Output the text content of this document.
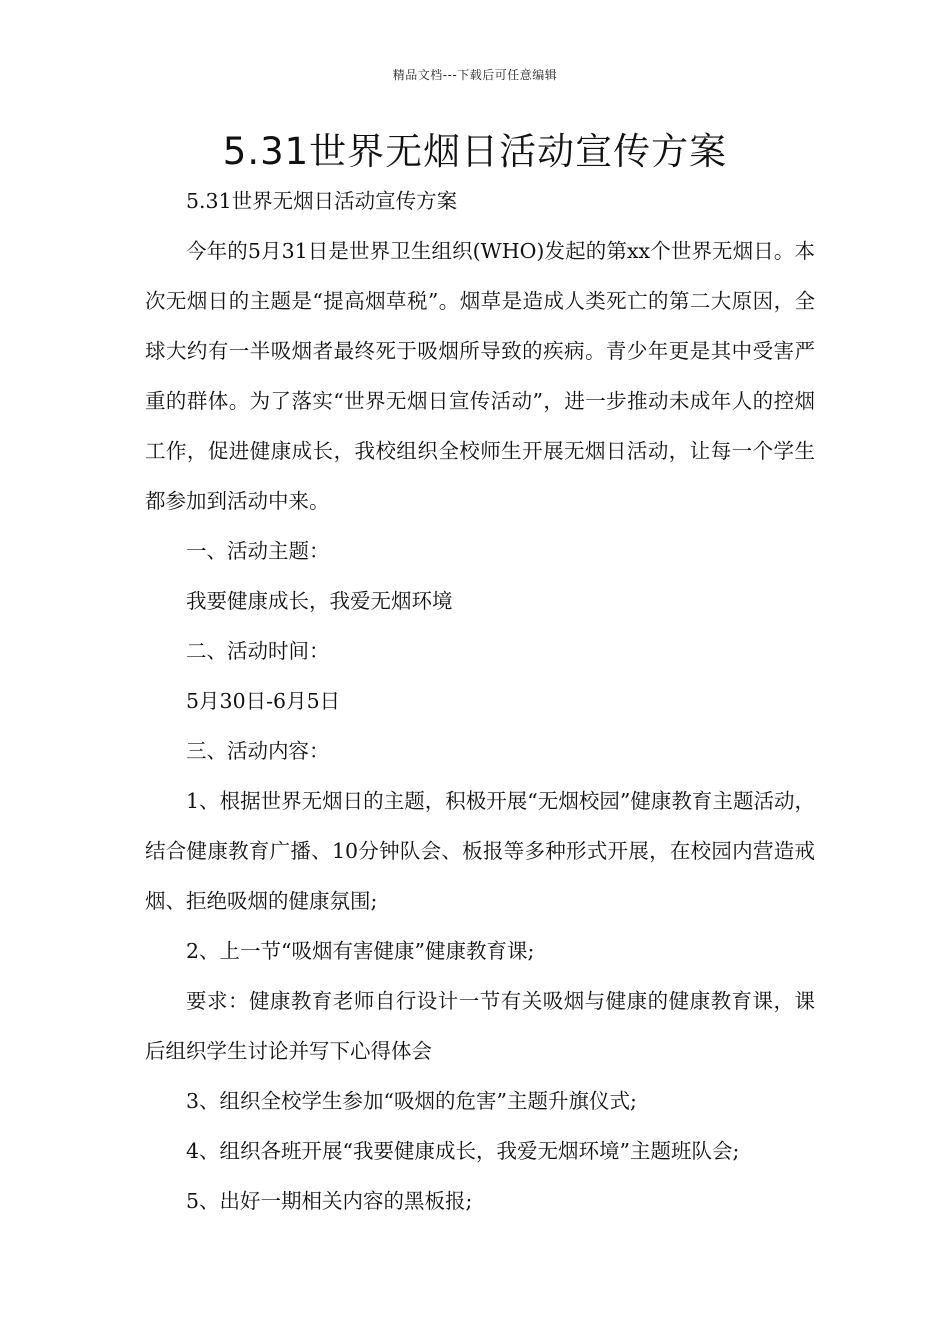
精品文档---下载后可任意编辑
5.31世界无烟日活动宣传方案

5.31世界无烟日活动宣传方案

今年的5月31日是世界卫生组织(WHO)发起的第xx个世界无烟日。本次无烟日的主题是“提高烟草税”。烟草是造成人类死亡的第二大原因，全球大约有一半吸烟者最终死于吸烟所导致的疾病。青少年更是其中受害严重的群体。为了落实“世界无烟日宣传活动”，进一步推动未成年人的控烟工作，促进健康成长，我校组织全校师生开展无烟日活动，让每一个学生都参加到活动中来。

一、活动主题：

我要健康成长，我爱无烟环境

二、活动时间：

5月30日-6月5日

三、活动内容：

1、根据世界无烟日的主题，积极开展“无烟校园”健康教育主题活动，结合健康教育广播、10分钟队会、板报等多种形式开展，在校园内营造戒烟、拒绝吸烟的健康氛围;

2、上一节“吸烟有害健康”健康教育课;

要求：健康教育老师自行设计一节有关吸烟与健康的健康教育课，课后组织学生讨论并写下心得体会

3、组织全校学生参加“吸烟的危害”主题升旗仪式;

4、组织各班开展“我要健康成长，我爱无烟环境”主题班队会;

5、出好一期相关内容的黑板报;
